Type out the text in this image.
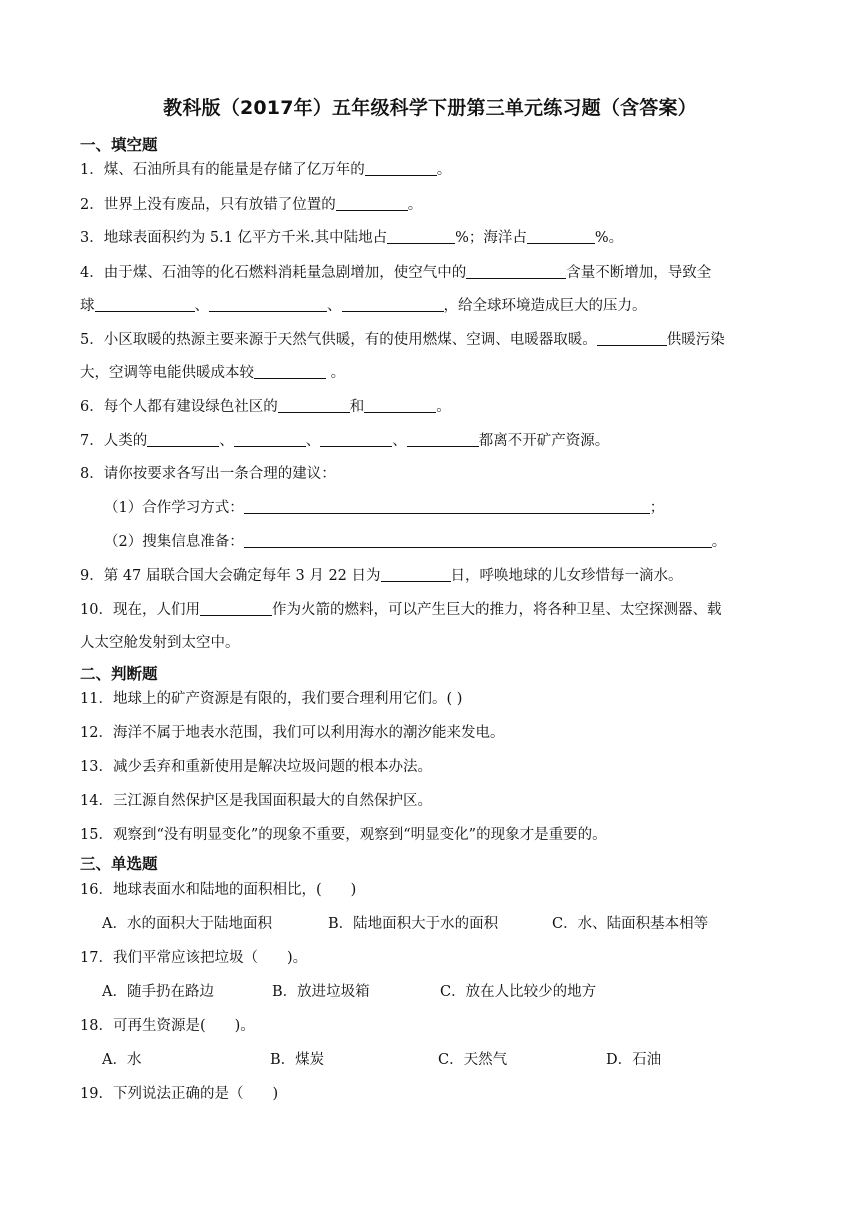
教科版（2017年）五年级科学下册第三单元练习题（含答案）
一、填空题
1．煤、石油所具有的能量是存储了亿万年的	。
2．世界上没有废品，只有放错了位置的	。
3．地球表面积约为 5.1 亿平方千米.其中陆地占	%；海洋占	%。
4．由于煤、石油等的化石燃料消耗量急剧增加，使空气中的	含量不断增加，导致全
球	、	、	，给全球环境造成巨大的压力。
5．小区取暖的热源主要来源于天然气供暖，有的使用燃煤、空调、电暖器取暖。	供暖污染
大，空调等电能供暖成本较	。
6．每个人都有建设绿色社区的	和	。
7．人类的	、	、	、	都离不开矿产资源。
8．请你按要求各写出一条合理的建议：
（1）合作学习方式：	；
（2）搜集信息准备：	。
9．第 47 届联合国大会确定每年 3 月 22 日为	日，呼唤地球的儿女珍惜每一滴水。
10．现在，人们用	作为火箭的燃料，可以产生巨大的推力，将各种卫星、太空探测器、载
人太空舱发射到太空中。
二、判断题
11．地球上的矿产资源是有限的，我们要合理利用它们。( )
12．海洋不属于地表水范围，我们可以利用海水的潮汐能来发电。
13．减少丢弃和重新使用是解决垃圾问题的根本办法。
14．三江源自然保护区是我国面积最大的自然保护区。
15．观察到“没有明显变化”的现象不重要，观察到“明显变化”的现象才是重要的。
三、单选题
16．地球表面水和陆地的面积相比，(　　)
A．水的面积大于陆地面积	B．陆地面积大于水的面积	C．水、陆面积基本相等
17．我们平常应该把垃圾（　　)。
A．随手扔在路边	B．放进垃圾箱	C．放在人比较少的地方
18．可再生资源是(　　)。
A．水	B．煤炭	C．天然气	D．石油
19．下列说法正确的是（　　)
